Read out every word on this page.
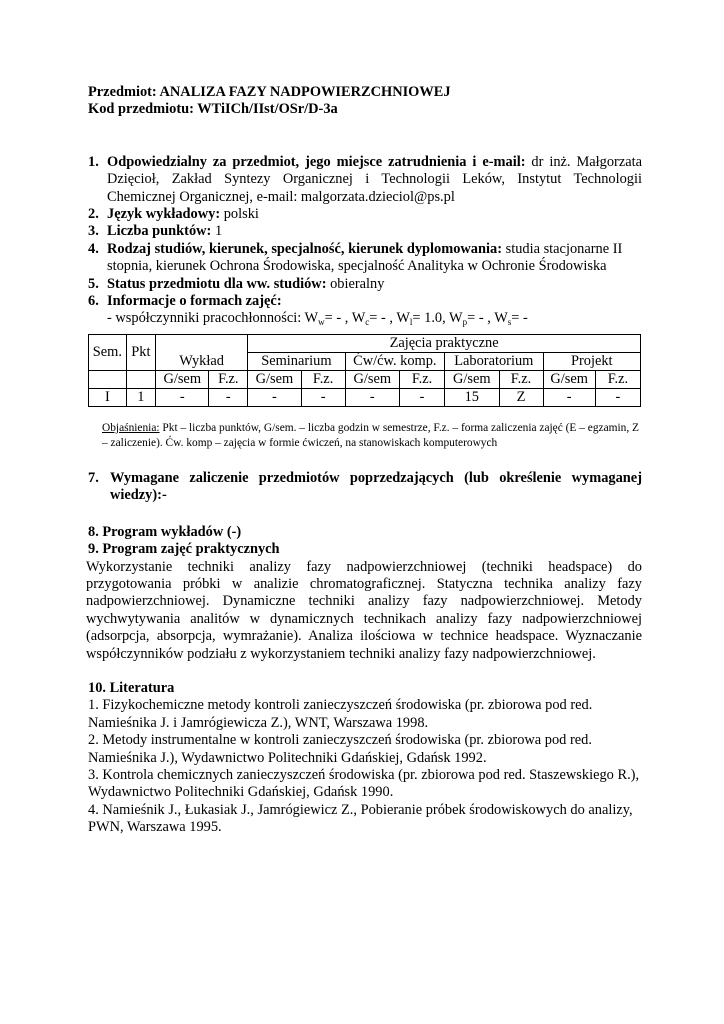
Przedmiot: ANALIZA FAZY NADPOWIERZCHNIOWEJ
Kod przedmiotu: WTiICh/IIst/OSr/D-3a
1. Odpowiedzialny za przedmiot, jego miejsce zatrudnienia i e-mail: dr inż. Małgorzata Dzięcioł, Zakład Syntezy Organicznej i Technologii Leków, Instytut Technologii Chemicznej Organicznej, e-mail: malgorzata.dzieciol@ps.pl
2. Język wykładowy: polski
3. Liczba punktów: 1
4. Rodzaj studiów, kierunek, specjalność, kierunek dyplomowania: studia stacjonarne II stopnia, kierunek Ochrona Środowiska, specjalność Analityka w Ochronie Środowiska
5. Status przedmiotu dla ww. studiów: obieralny
6. Informacje o formach zajęć:
- współczynniki pracochłonności: $W_w=$ - , $W_c=$ - , $W_l= 1.0$, $W_p=$ - , $W_s=$ -
Sem.	Pkt	Wykład		Zajęcia praktyczne							
				Seminarium		Ćw/ćw. komp.		Laboratorium		Projekt	
		G/sem	F.z.	G/sem	F.z.	G/sem	F.z.	G/sem	F.z.	G/sem	F.z.
I	1	-	-	-	-	-	-	15	Z	-	-
Objaśnienia: Pkt – liczba punktów, G/sem. – liczba godzin w semestrze, F.z. – forma zaliczenia zajęć (E – egzamin, Z – zaliczenie). Ćw. komp – zajęcia w formie ćwiczeń, na stanowiskach komputerowych
7. Wymagane zaliczenie przedmiotów poprzedzających (lub określenie wymaganej wiedzy):-
8. Program wykładów (-)
9. Program zajęć praktycznych
Wykorzystanie techniki analizy fazy nadpowierzchniowej (techniki headspace) do przygotowania próbki w analizie chromatograficznej. Statyczna technika analizy fazy nadpowierzchniowej. Dynamiczne techniki analizy fazy nadpowierzchniowej. Metody wychwytywania analitów w dynamicznych technikach analizy fazy nadpowierzchniowej (adsorpcja, absorpcja, wymrażanie). Analiza ilościowa w technice headspace. Wyznaczanie współczynników podziału z wykorzystaniem techniki analizy fazy nadpowierzchniowej.
10. Literatura
1. Fizykochemiczne metody kontroli zanieczyszczeń środowiska (pr. zbiorowa pod red. Namieśnika J. i Jamrógiewicza Z.), WNT, Warszawa 1998.
2. Metody instrumentalne w kontroli zanieczyszczeń środowiska (pr. zbiorowa pod red. Namieśnika J.), Wydawnictwo Politechniki Gdańskiej, Gdańsk 1992.
3. Kontrola chemicznych zanieczyszczeń środowiska (pr. zbiorowa pod red. Staszewskiego R.), Wydawnictwo Politechniki Gdańskiej, Gdańsk 1990.
4. Namieśnik J., Łukasiak J., Jamrógiewicz Z., Pobieranie próbek środowiskowych do analizy, PWN, Warszawa 1995.
